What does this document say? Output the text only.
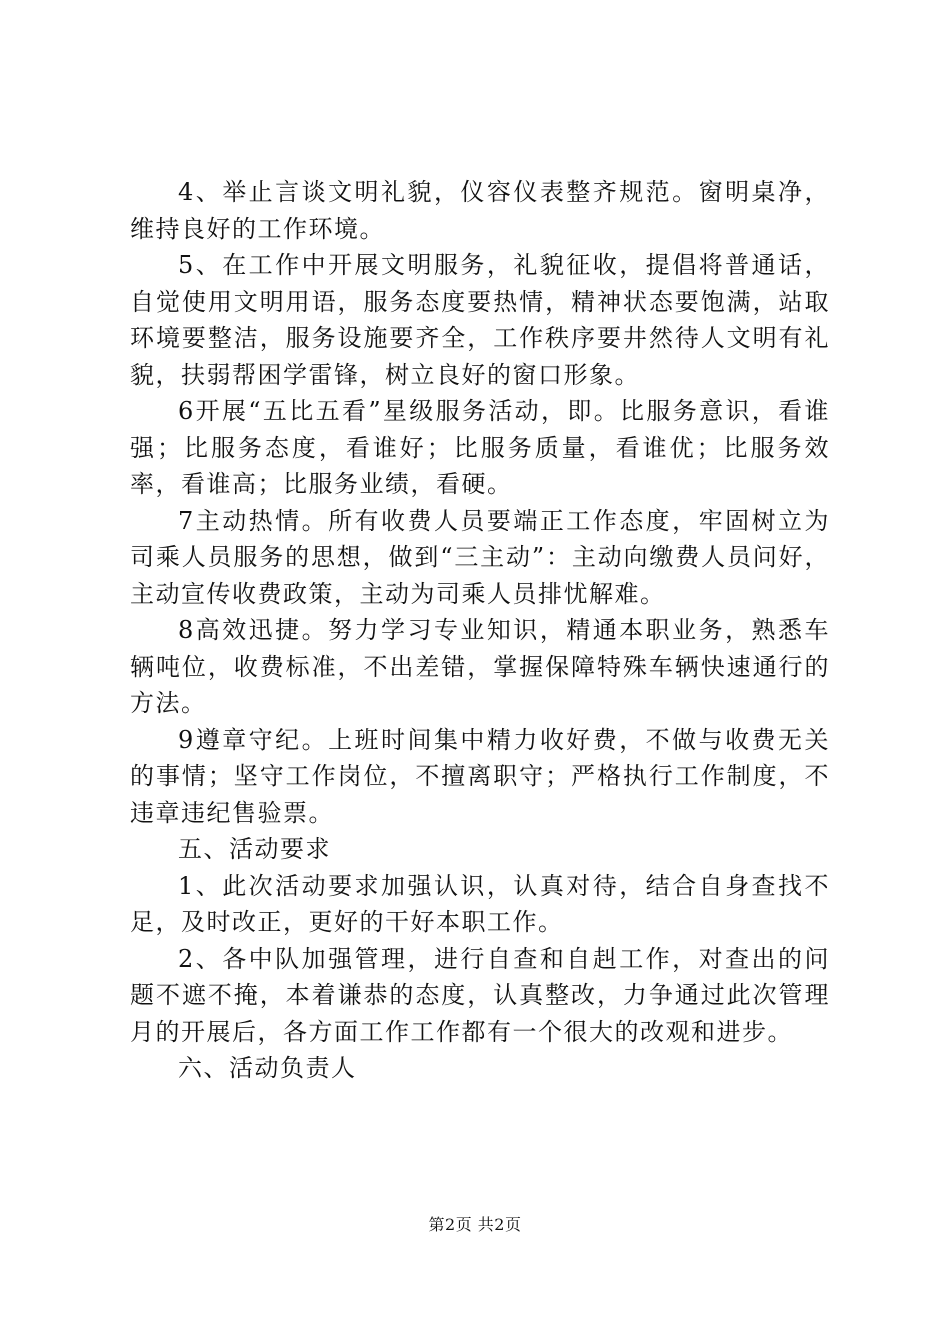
4、举止言谈文明礼貌，仪容仪表整齐规范。窗明桌净，维持良好的工作环境。

5、在工作中开展文明服务，礼貌征收，提倡将普通话，自觉使用文明用语，服务态度要热情，精神状态要饱满，站取环境要整洁，服务设施要齐全，工作秩序要井然待人文明有礼貌，扶弱帮困学雷锋，树立良好的窗口形象。

6开展“五比五看”星级服务活动，即。比服务意识，看谁强；比服务态度，看谁好；比服务质量，看谁优；比服务效率，看谁高；比服务业绩，看硬。

7主动热情。所有收费人员要端正工作态度，牢固树立为司乘人员服务的思想，做到“三主动”：主动向缴费人员问好，主动宣传收费政策，主动为司乘人员排忧解难。

8高效迅捷。努力学习专业知识，精通本职业务，熟悉车辆吨位，收费标准，不出差错，掌握保障特殊车辆快速通行的方法。

9遵章守纪。上班时间集中精力收好费，不做与收费无关的事情；坚守工作岗位，不擅离职守；严格执行工作制度，不违章违纪售验票。

五、活动要求

1、此次活动要求加强认识，认真对待，结合自身查找不足，及时改正，更好的干好本职工作。

2、各中队加强管理，进行自查和自赳工作，对查出的问题不遮不掩，本着谦恭的态度，认真整改，力争通过此次管理月的开展后，各方面工作工作都有一个很大的改观和进步。

六、活动负责人

第2页 共2页
